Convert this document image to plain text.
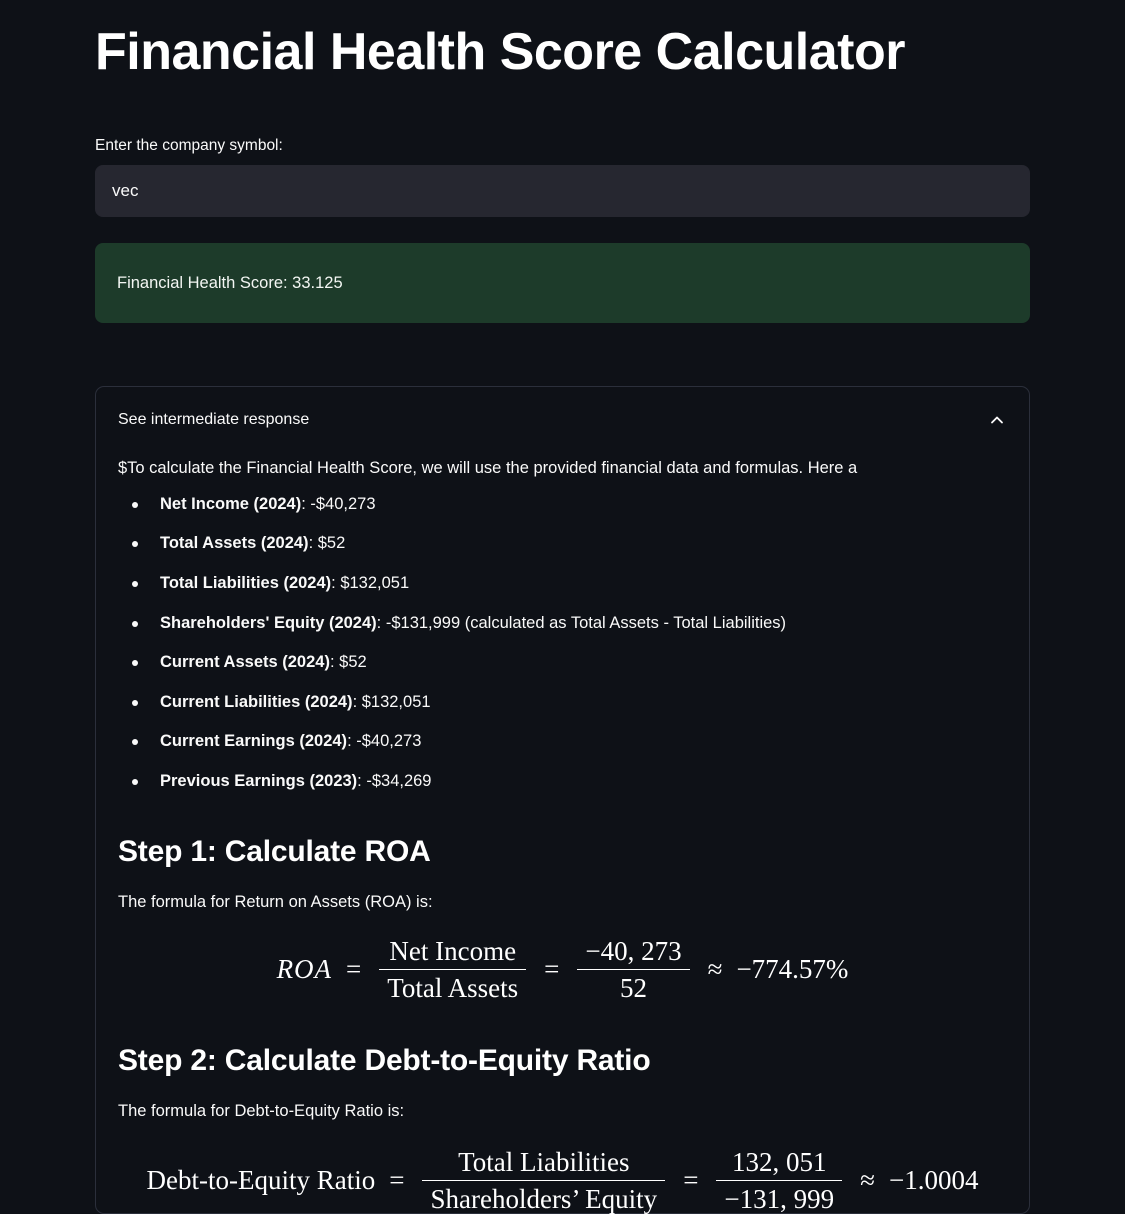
Financial Health Score Calculator
Enter the company symbol:
vec
Financial Health Score: 33.125
See intermediate response

$To calculate the Financial Health Score, we will use the provided financial data and formulas. Here a

Net Income (2024): -$40,273
Total Assets (2024): $52
Total Liabilities (2024): $132,051
Shareholders' Equity (2024): -$131,999 (calculated as Total Assets - Total Liabilities)
Current Assets (2024): $52
Current Liabilities (2024): $132,051
Current Earnings (2024): -$40,273
Previous Earnings (2023): -$34,269
Step 1: Calculate ROA

The formula for Return on Assets (ROA) is:

ROA = $\frac{\text{Net Income}}{\text{Total Assets}} = \frac{-40, 273}{52} \approx -774.57\%$
Step 2: Calculate Debt-to-Equity Ratio

The formula for Debt-to-Equity Ratio is:

Debt-to-Equity Ratio = $\frac{\text{Total Liabilities}}{\text{Shareholders’ Equity}} = \frac{132, 051}{-131, 999} \approx -1.0004$
